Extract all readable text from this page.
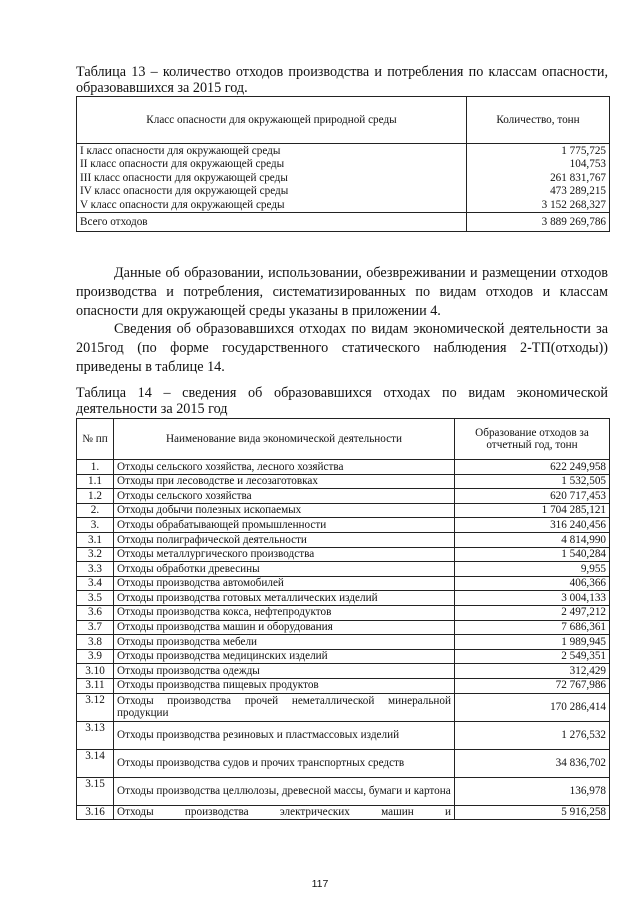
Таблица 13 – количество отходов производства и потребления по классам опасности, образовавшихся за 2015 год.
Класс опасности для окружающей природной среды	Количество, тонн
I класс опасности для окружающей среды	1 775,725
II класс опасности для окружающей среды	104,753
III класс опасности для окружающей среды	261 831,767
IV класс опасности для окружающей среды	473 289,215
V класс опасности для окружающей среды	3 152 268,327
Всего отходов	3 889 269,786
Данные об образовании, использовании, обезвреживании и размещении отходов производства и потребления, систематизированных по видам отходов и классам опасности для окружающей среды указаны в приложении 4.
Сведения об образовавшихся отходах по видам экономической деятельности за 2015год (по форме государственного статического наблюдения 2-ТП(отходы)) приведены в таблице 14.
Таблица 14 – сведения об образовавшихся отходах по видам экономической деятельности за 2015 год
№ пп	Наименование вида экономической деятельности	Образование отходов за отчетный год, тонн
1.	Отходы сельского хозяйства, лесного хозяйства	622 249,958
1.1	Отходы при лесоводстве и лесозаготовках	1 532,505
1.2	Отходы сельского хозяйства	620 717,453
2.	Отходы добычи полезных ископаемых	1 704 285,121
3.	Отходы обрабатывающей промышленности	316 240,456
3.1	Отходы полиграфической деятельности	4 814,990
3.2	Отходы металлургического производства	1 540,284
3.3	Отходы обработки древесины	9,955
3.4	Отходы производства автомобилей	406,366
3.5	Отходы производства готовых металлических изделий	3 004,133
3.6	Отходы производства кокса, нефтепродуктов	2 497,212
3.7	Отходы производства машин и оборудования	7 686,361
3.8	Отходы производства мебели	1 989,945
3.9	Отходы производства медицинских изделий	2 549,351
3.10	Отходы производства одежды	312,429
3.11	Отходы производства пищевых продуктов	72 767,986
3.12	Отходы производства прочей неметаллической минеральной продукции	170 286,414
3.13	Отходы производства резиновых и пластмассовых изделий	1 276,532
3.14	Отходы производства судов и прочих транспортных средств	34 836,702
3.15	Отходы производства целлюлозы, древесной массы, бумаги и картона	136,978
3.16	Отходы производства электрических машин и	5 916,258
117
